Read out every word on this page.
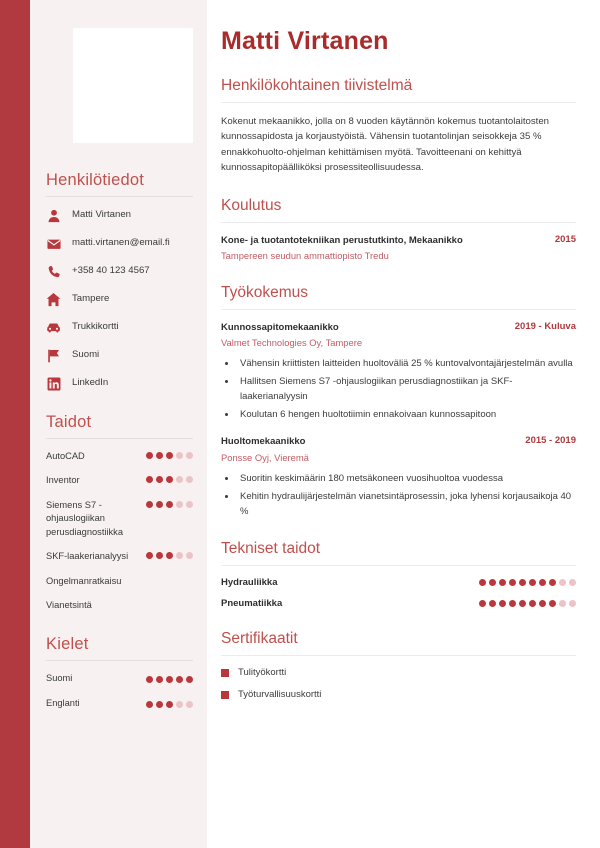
Henkilötiedot
Matti Virtanen
matti.virtanen@email.fi
+358 40 123 4567
Tampere
Trukkikortti
Suomi
LinkedIn
Taidot
AutoCAD
Inventor
Siemens S7 -ohjauslogiikan perusdiagnostiikka
SKF-laakerianalyysi
Ongelmanratkaisu
Vianetsintä
Kielet
Suomi
Englanti
Matti Virtanen
Henkilökohtainen tiivistelmä

Kokenut mekaanikko, jolla on 8 vuoden käytännön kokemus tuotantolaitosten kunnossapidosta ja korjaustyöistä. Vähensin tuotantolinjan seisokkeja 35 % ennakkohuolto-ohjelman kehittämisen myötä. Tavoitteenani on kehittyä kunnossapitopäälliköksi prosessiteollisuudessa.

Koulutus
Kone- ja tuotantotekniikan perustutkinto, Mekaanikko	2015
Tampereen seudun ammattiopisto Tredu
Työkokemus
Kunnossapitomekaanikko	2019 - Kuluva
Valmet Technologies Oy, Tampere
• Vähensin kriittisten laitteiden huoltoväliä 25 % kuntovalvontajärjestelmän avulla
• Hallitsen Siemens S7 -ohjauslogiikan perusdiagnostiikan ja SKF-laakerianalyysin
• Koulutan 6 hengen huoltotiimin ennakoivaan kunnossapitoon
Huoltomekaanikko	2015 - 2019
Ponsse Oyj, Vieremä
• Suoritin keskimäärin 180 metsäkoneen vuosihuoltoa vuodessa
• Kehitin hydraulijärjestelmän vianetsintäprosessin, joka lyhensi korjausaikoja 40 %
Tekniset taidot
Hydrauliikka
Pneumatiikka
Sertifikaatit
Tulityökortti
Työturvallisuuskortti
